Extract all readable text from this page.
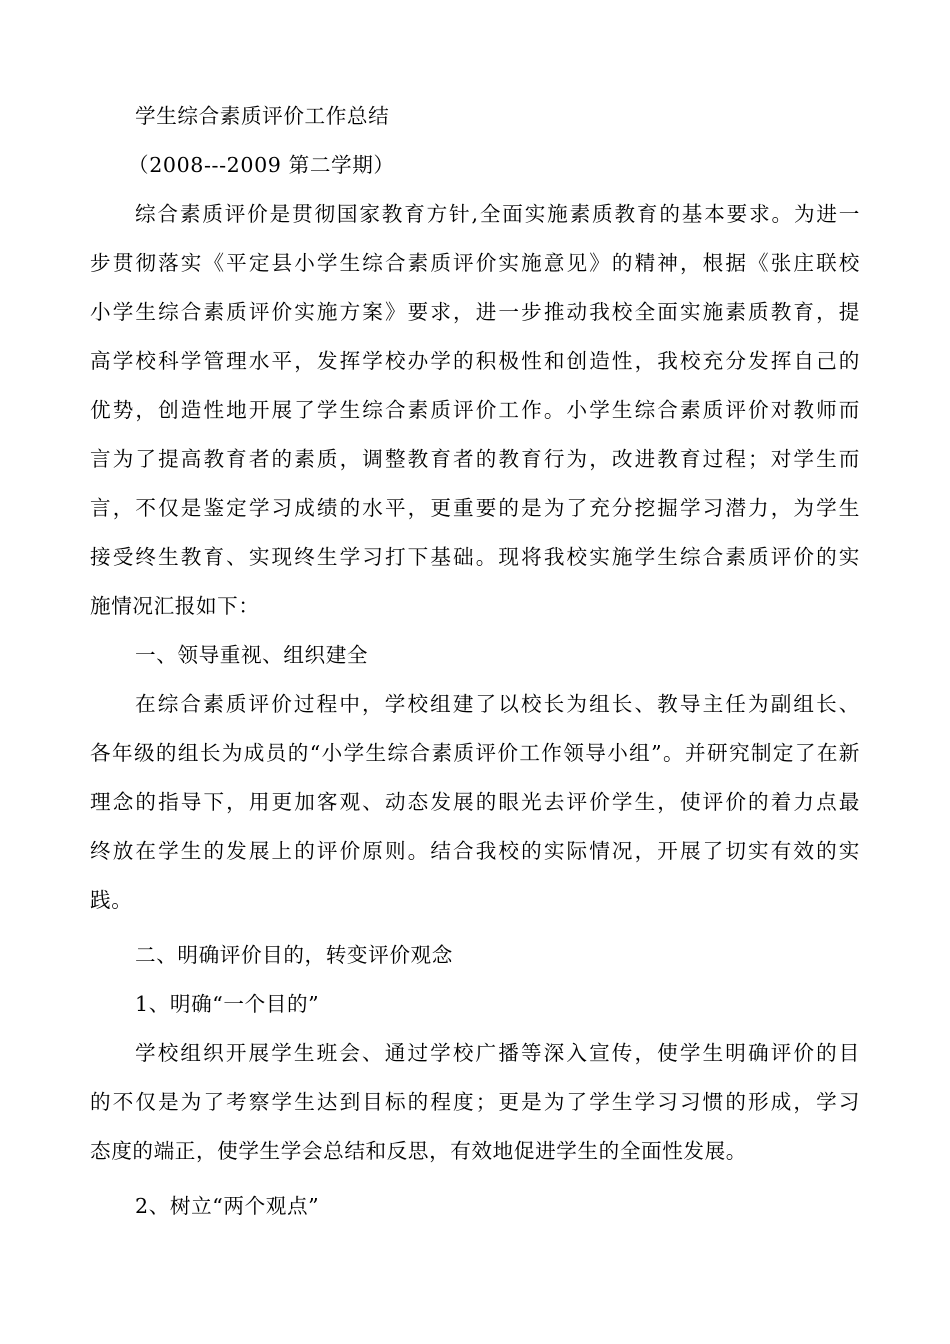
学生综合素质评价工作总结
（2008---2009 第二学期）
综合素质评价是贯彻国家教育方针,全面实施素质教育的基本要求。为进一
步贯彻落实《平定县小学生综合素质评价实施意见》的精神，根据《张庄联校
小学生综合素质评价实施方案》要求，进一步推动我校全面实施素质教育，提
高学校科学管理水平，发挥学校办学的积极性和创造性，我校充分发挥自己的
优势，创造性地开展了学生综合素质评价工作。小学生综合素质评价对教师而
言为了提高教育者的素质，调整教育者的教育行为，改进教育过程；对学生而
言，不仅是鉴定学习成绩的水平，更重要的是为了充分挖掘学习潜力，为学生
接受终生教育、实现终生学习打下基础。现将我校实施学生综合素质评价的实
施情况汇报如下：
一、领导重视、组织建全
在综合素质评价过程中，学校组建了以校长为组长、教导主任为副组长、
各年级的组长为成员的“小学生综合素质评价工作领导小组”。并研究制定了在新
理念的指导下，用更加客观、动态发展的眼光去评价学生，使评价的着力点最
终放在学生的发展上的评价原则。结合我校的实际情况，开展了切实有效的实
践。
二、明确评价目的，转变评价观念
1、明确“一个目的”
学校组织开展学生班会、通过学校广播等深入宣传，使学生明确评价的目
的不仅是为了考察学生达到目标的程度；更是为了学生学习习惯的形成，学习
态度的端正，使学生学会总结和反思，有效地促进学生的全面性发展。
2、树立“两个观点”
